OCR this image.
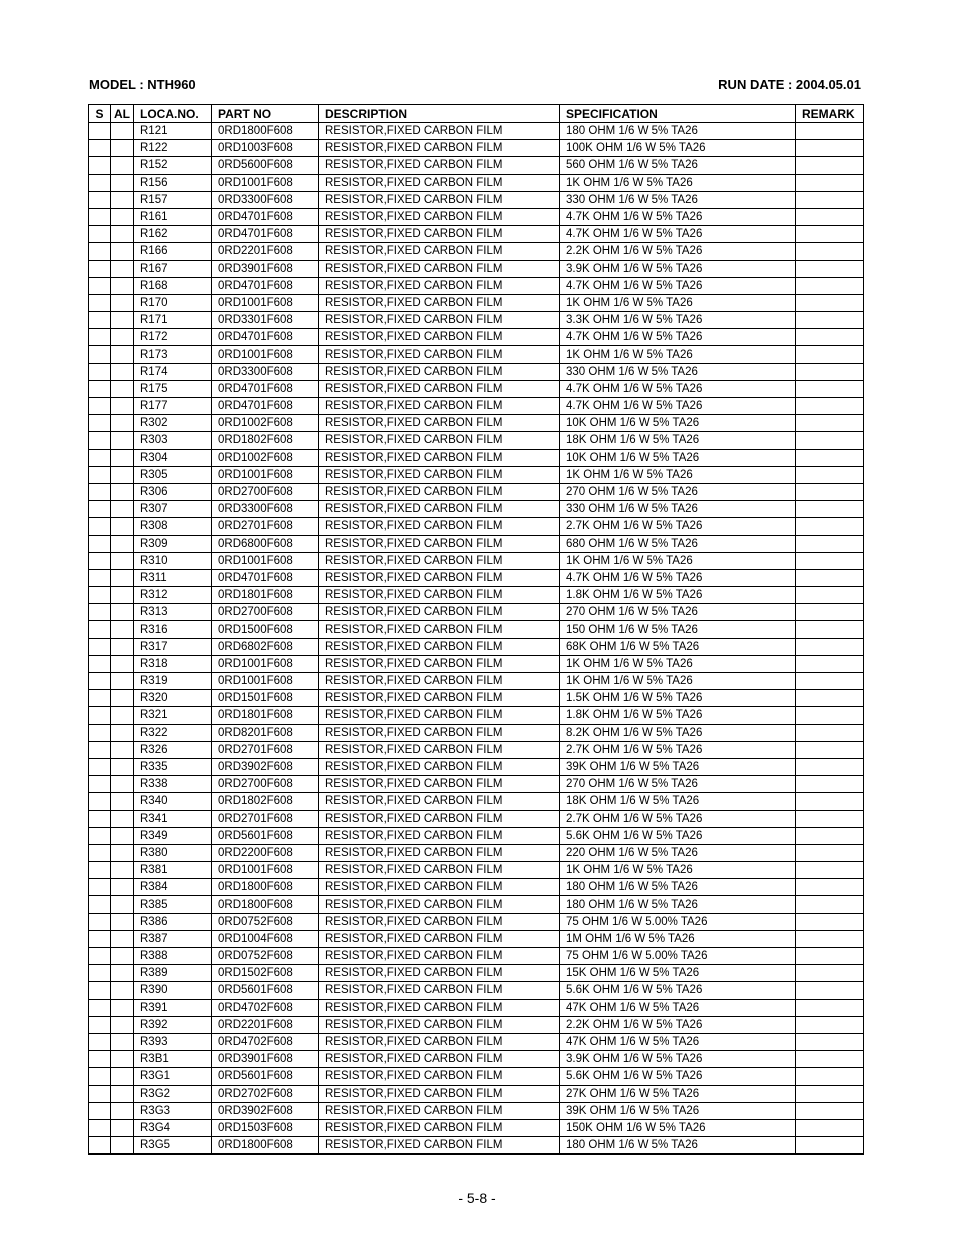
MODEL : NTH960	RUN DATE : 2004.05.01
S	AL	LOCA.NO.	PART NO	DESCRIPTION	SPECIFICATION	REMARK
		R121	0RD1800F608	RESISTOR,FIXED CARBON FILM	180 OHM 1/6 W 5% TA26	
		R122	0RD1003F608	RESISTOR,FIXED CARBON FILM	100K OHM 1/6 W 5% TA26	
		R152	0RD5600F608	RESISTOR,FIXED CARBON FILM	560 OHM 1/6 W 5% TA26	
		R156	0RD1001F608	RESISTOR,FIXED CARBON FILM	1K OHM 1/6 W 5% TA26	
		R157	0RD3300F608	RESISTOR,FIXED CARBON FILM	330 OHM 1/6 W 5% TA26	
		R161	0RD4701F608	RESISTOR,FIXED CARBON FILM	4.7K OHM 1/6 W 5% TA26	
		R162	0RD4701F608	RESISTOR,FIXED CARBON FILM	4.7K OHM 1/6 W 5% TA26	
		R166	0RD2201F608	RESISTOR,FIXED CARBON FILM	2.2K OHM 1/6 W 5% TA26	
		R167	0RD3901F608	RESISTOR,FIXED CARBON FILM	3.9K OHM 1/6 W 5% TA26	
		R168	0RD4701F608	RESISTOR,FIXED CARBON FILM	4.7K OHM 1/6 W 5% TA26	
		R170	0RD1001F608	RESISTOR,FIXED CARBON FILM	1K OHM 1/6 W 5% TA26	
		R171	0RD3301F608	RESISTOR,FIXED CARBON FILM	3.3K OHM 1/6 W 5% TA26	
		R172	0RD4701F608	RESISTOR,FIXED CARBON FILM	4.7K OHM 1/6 W 5% TA26	
		R173	0RD1001F608	RESISTOR,FIXED CARBON FILM	1K OHM 1/6 W 5% TA26	
		R174	0RD3300F608	RESISTOR,FIXED CARBON FILM	330 OHM 1/6 W 5% TA26	
		R175	0RD4701F608	RESISTOR,FIXED CARBON FILM	4.7K OHM 1/6 W 5% TA26	
		R177	0RD4701F608	RESISTOR,FIXED CARBON FILM	4.7K OHM 1/6 W 5% TA26	
		R302	0RD1002F608	RESISTOR,FIXED CARBON FILM	10K OHM 1/6 W 5% TA26	
		R303	0RD1802F608	RESISTOR,FIXED CARBON FILM	18K OHM 1/6 W 5% TA26	
		R304	0RD1002F608	RESISTOR,FIXED CARBON FILM	10K OHM 1/6 W 5% TA26	
		R305	0RD1001F608	RESISTOR,FIXED CARBON FILM	1K OHM 1/6 W 5% TA26	
		R306	0RD2700F608	RESISTOR,FIXED CARBON FILM	270 OHM 1/6 W 5% TA26	
		R307	0RD3300F608	RESISTOR,FIXED CARBON FILM	330 OHM 1/6 W 5% TA26	
		R308	0RD2701F608	RESISTOR,FIXED CARBON FILM	2.7K OHM 1/6 W 5% TA26	
		R309	0RD6800F608	RESISTOR,FIXED CARBON FILM	680 OHM 1/6 W 5% TA26	
		R310	0RD1001F608	RESISTOR,FIXED CARBON FILM	1K OHM 1/6 W 5% TA26	
		R311	0RD4701F608	RESISTOR,FIXED CARBON FILM	4.7K OHM 1/6 W 5% TA26	
		R312	0RD1801F608	RESISTOR,FIXED CARBON FILM	1.8K OHM 1/6 W 5% TA26	
		R313	0RD2700F608	RESISTOR,FIXED CARBON FILM	270 OHM 1/6 W 5% TA26	
		R316	0RD1500F608	RESISTOR,FIXED CARBON FILM	150 OHM 1/6 W 5% TA26	
		R317	0RD6802F608	RESISTOR,FIXED CARBON FILM	68K OHM 1/6 W 5% TA26	
		R318	0RD1001F608	RESISTOR,FIXED CARBON FILM	1K OHM 1/6 W 5% TA26	
		R319	0RD1001F608	RESISTOR,FIXED CARBON FILM	1K OHM 1/6 W 5% TA26	
		R320	0RD1501F608	RESISTOR,FIXED CARBON FILM	1.5K OHM 1/6 W 5% TA26	
		R321	0RD1801F608	RESISTOR,FIXED CARBON FILM	1.8K OHM 1/6 W 5% TA26	
		R322	0RD8201F608	RESISTOR,FIXED CARBON FILM	8.2K OHM 1/6 W 5% TA26	
		R326	0RD2701F608	RESISTOR,FIXED CARBON FILM	2.7K OHM 1/6 W 5% TA26	
		R335	0RD3902F608	RESISTOR,FIXED CARBON FILM	39K OHM 1/6 W 5% TA26	
		R338	0RD2700F608	RESISTOR,FIXED CARBON FILM	270 OHM 1/6 W 5% TA26	
		R340	0RD1802F608	RESISTOR,FIXED CARBON FILM	18K OHM 1/6 W 5% TA26	
		R341	0RD2701F608	RESISTOR,FIXED CARBON FILM	2.7K OHM 1/6 W 5% TA26	
		R349	0RD5601F608	RESISTOR,FIXED CARBON FILM	5.6K OHM 1/6 W 5% TA26	
		R380	0RD2200F608	RESISTOR,FIXED CARBON FILM	220 OHM 1/6 W 5% TA26	
		R381	0RD1001F608	RESISTOR,FIXED CARBON FILM	1K OHM 1/6 W 5% TA26	
		R384	0RD1800F608	RESISTOR,FIXED CARBON FILM	180 OHM 1/6 W 5% TA26	
		R385	0RD1800F608	RESISTOR,FIXED CARBON FILM	180 OHM 1/6 W 5% TA26	
		R386	0RD0752F608	RESISTOR,FIXED CARBON FILM	75 OHM 1/6 W 5.00% TA26	
		R387	0RD1004F608	RESISTOR,FIXED CARBON FILM	1M OHM 1/6 W 5% TA26	
		R388	0RD0752F608	RESISTOR,FIXED CARBON FILM	75 OHM 1/6 W 5.00% TA26	
		R389	0RD1502F608	RESISTOR,FIXED CARBON FILM	15K OHM 1/6 W 5% TA26	
		R390	0RD5601F608	RESISTOR,FIXED CARBON FILM	5.6K OHM 1/6 W 5% TA26	
		R391	0RD4702F608	RESISTOR,FIXED CARBON FILM	47K OHM 1/6 W 5% TA26	
		R392	0RD2201F608	RESISTOR,FIXED CARBON FILM	2.2K OHM 1/6 W 5% TA26	
		R393	0RD4702F608	RESISTOR,FIXED CARBON FILM	47K OHM 1/6 W 5% TA26	
		R3B1	0RD3901F608	RESISTOR,FIXED CARBON FILM	3.9K OHM 1/6 W 5% TA26	
		R3G1	0RD5601F608	RESISTOR,FIXED CARBON FILM	5.6K OHM 1/6 W 5% TA26	
		R3G2	0RD2702F608	RESISTOR,FIXED CARBON FILM	27K OHM 1/6 W 5% TA26	
		R3G3	0RD3902F608	RESISTOR,FIXED CARBON FILM	39K OHM 1/6 W 5% TA26	
		R3G4	0RD1503F608	RESISTOR,FIXED CARBON FILM	150K OHM 1/6 W 5% TA26	
		R3G5	0RD1800F608	RESISTOR,FIXED CARBON FILM	180 OHM 1/6 W 5% TA26	
- 5-8 -
